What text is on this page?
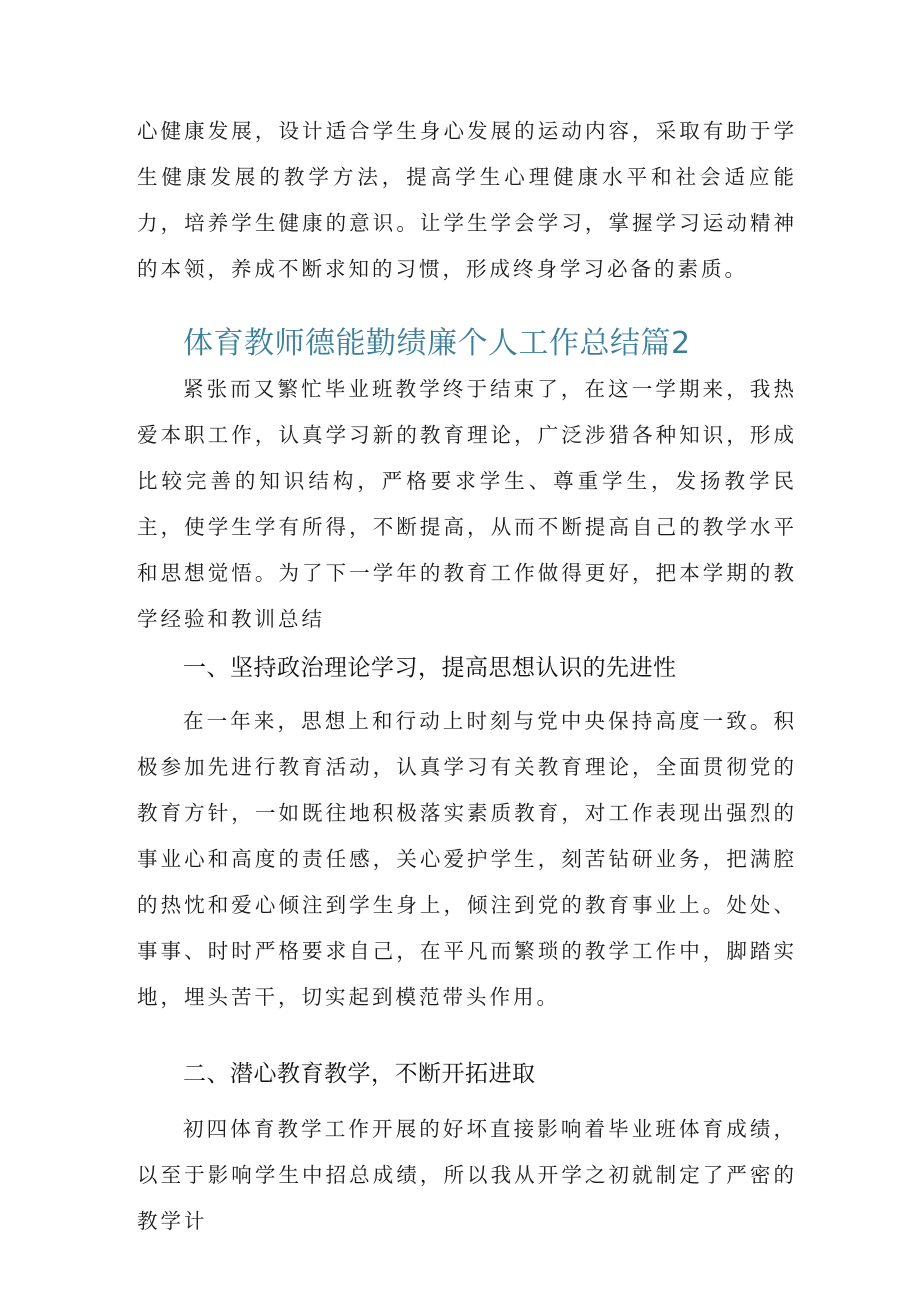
心健康发展，设计适合学生身心发展的运动内容，采取有助于学生健康发展的教学方法，提高学生心理健康水平和社会适应能力，培养学生健康的意识。让学生学会学习，掌握学习运动精神的本领，养成不断求知的习惯，形成终身学习必备的素质。

体育教师德能勤绩廉个人工作总结篇2

紧张而又繁忙毕业班教学终于结束了，在这一学期来，我热爱本职工作，认真学习新的教育理论，广泛涉猎各种知识，形成比较完善的知识结构，严格要求学生、尊重学生，发扬教学民主，使学生学有所得，不断提高，从而不断提高自己的教学水平和思想觉悟。为了下一学年的教育工作做得更好，把本学期的教学经验和教训总结

一、坚持政治理论学习，提高思想认识的先进性

在一年来，思想上和行动上时刻与党中央保持高度一致。积极参加先进行教育活动，认真学习有关教育理论，全面贯彻党的教育方针，一如既往地积极落实素质教育，对工作表现出强烈的事业心和高度的责任感，关心爱护学生，刻苦钻研业务，把满腔的热忱和爱心倾注到学生身上，倾注到党的教育事业上。处处、事事、时时严格要求自己，在平凡而繁琐的教学工作中，脚踏实地，埋头苦干，切实起到模范带头作用。

二、潜心教育教学，不断开拓进取

初四体育教学工作开展的好坏直接影响着毕业班体育成绩，以至于影响学生中招总成绩，所以我从开学之初就制定了严密的教学计
